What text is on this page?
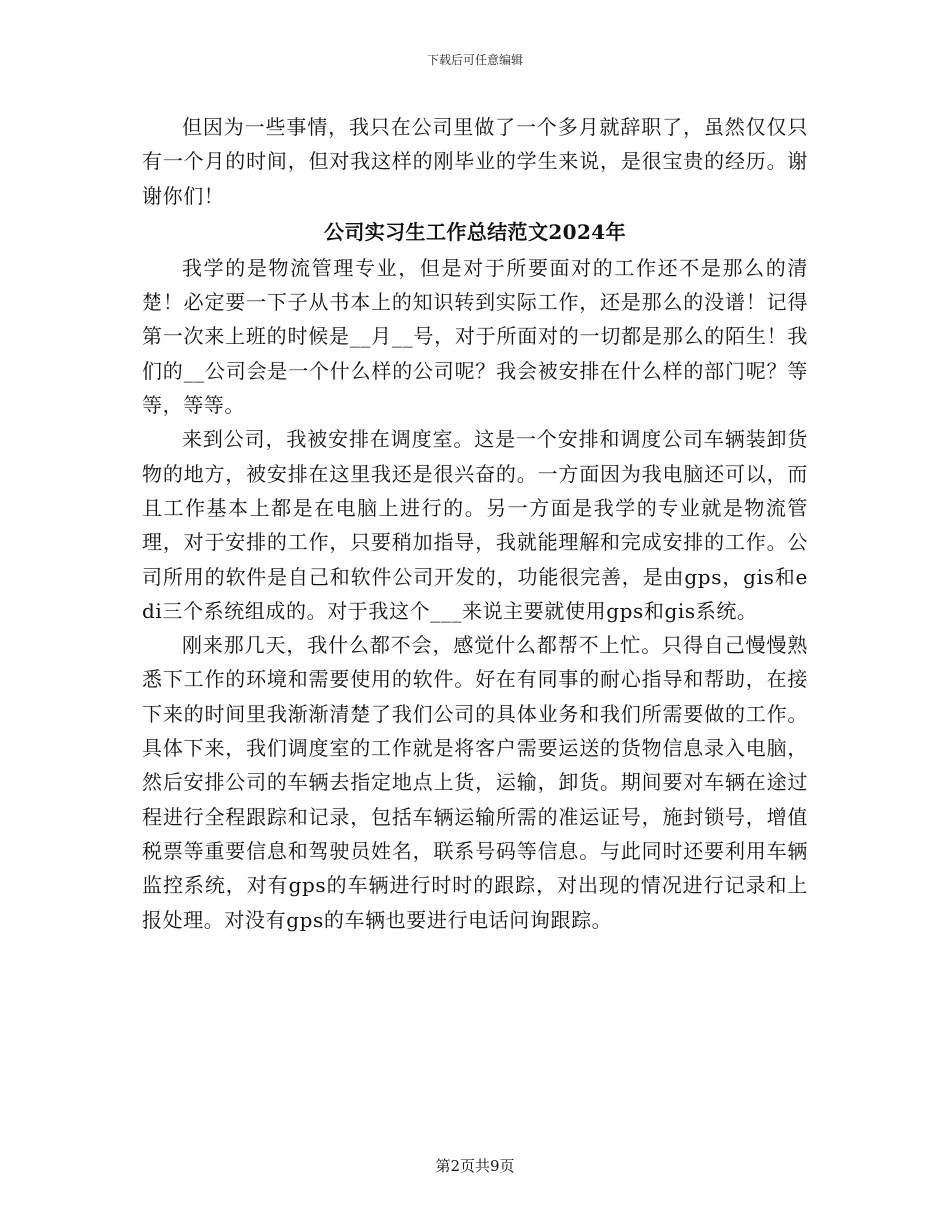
下载后可任意编辑

但因为一些事情，我只在公司里做了一个多月就辞职了，虽然仅仅只有一个月的时间，但对我这样的刚毕业的学生来说，是很宝贵的经历。谢谢你们！

公司实习生工作总结范文2024年

我学的是物流管理专业，但是对于所要面对的工作还不是那么的清楚！必定要一下子从书本上的知识转到实际工作，还是那么的没谱！记得第一次来上班的时候是__月__号，对于所面对的一切都是那么的陌生！我们的__公司会是一个什么样的公司呢？我会被安排在什么样的部门呢？等等，等等。

来到公司，我被安排在调度室。这是一个安排和调度公司车辆装卸货物的地方，被安排在这里我还是很兴奋的。一方面因为我电脑还可以，而且工作基本上都是在电脑上进行的。另一方面是我学的专业就是物流管理，对于安排的工作，只要稍加指导，我就能理解和完成安排的工作。公司所用的软件是自己和软件公司开发的，功能很完善，是由gps，gis和edi三个系统组成的。对于我这个___来说主要就使用gps和gis系统。

刚来那几天，我什么都不会，感觉什么都帮不上忙。只得自己慢慢熟悉下工作的环境和需要使用的软件。好在有同事的耐心指导和帮助，在接下来的时间里我渐渐清楚了我们公司的具体业务和我们所需要做的工作。具体下来，我们调度室的工作就是将客户需要运送的货物信息录入电脑，然后安排公司的车辆去指定地点上货，运输，卸货。期间要对车辆在途过程进行全程跟踪和记录，包括车辆运输所需的准运证号，施封锁号，增值税票等重要信息和驾驶员姓名，联系号码等信息。与此同时还要利用车辆监控系统，对有gps的车辆进行时时的跟踪，对出现的情况进行记录和上报处理。对没有gps的车辆也要进行电话问询跟踪。

第2页共9页
